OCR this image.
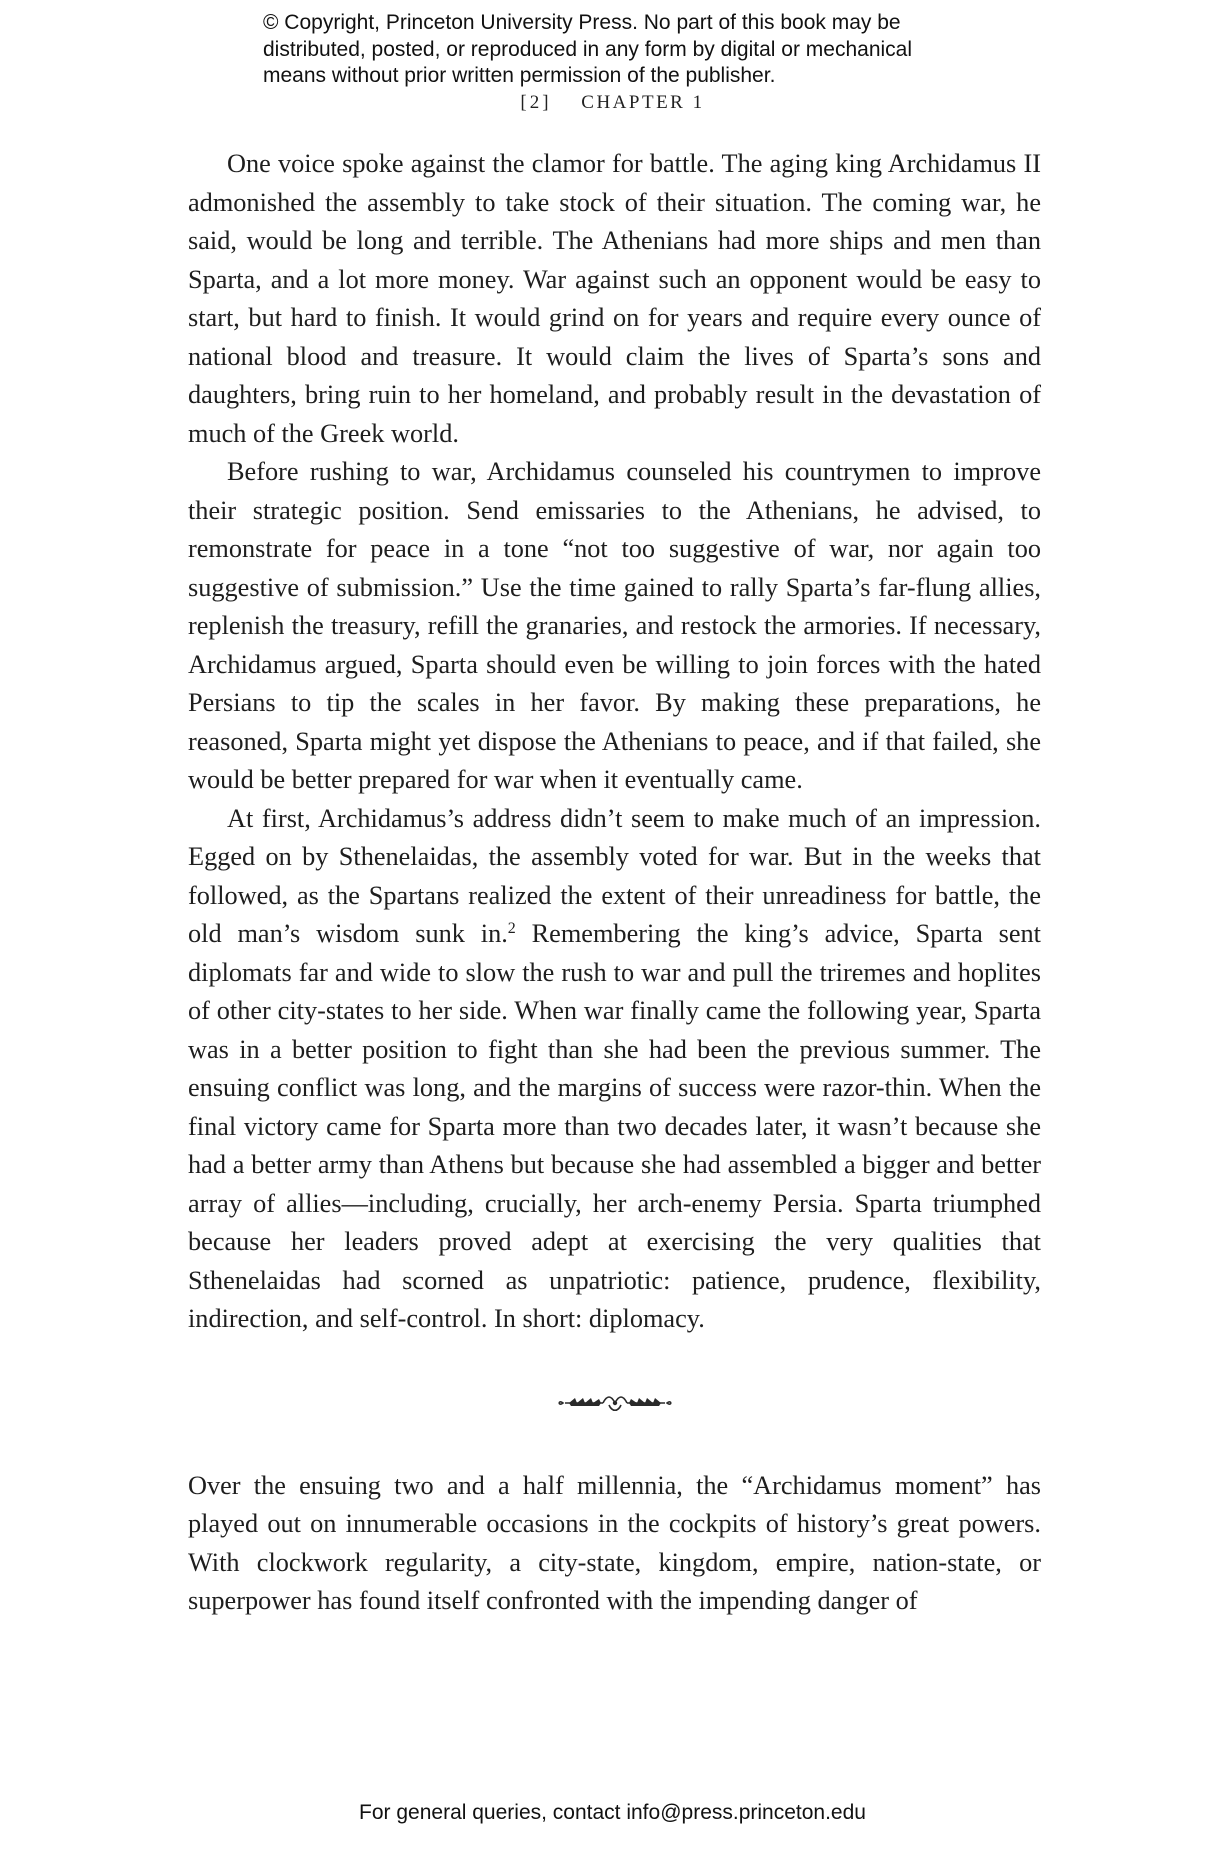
© Copyright, Princeton University Press. No part of this book may be
distributed, posted, or reproduced in any form by digital or mechanical
means without prior written permission of the publisher.
[2] CHAPTER 1

One voice spoke against the clamor for battle. The aging king Archidamus II admonished the assembly to take stock of their situation. The coming war, he said, would be long and terrible. The Athenians had more ships and men than Sparta, and a lot more money. War against such an opponent would be easy to start, but hard to finish. It would grind on for years and require every ounce of national blood and treasure. It would claim the lives of Sparta’s sons and daughters, bring ruin to her homeland, and probably result in the devastation of much of the Greek world.

Before rushing to war, Archidamus counseled his countrymen to improve their strategic position. Send emissaries to the Athenians, he advised, to remonstrate for peace in a tone “not too suggestive of war, nor again too suggestive of submission.” Use the time gained to rally Sparta’s far-flung allies, replenish the treasury, refill the granaries, and restock the armories. If necessary, Archidamus argued, Sparta should even be willing to join forces with the hated Persians to tip the scales in her favor. By making these preparations, he reasoned, Sparta might yet dispose the Athenians to peace, and if that failed, she would be better prepared for war when it eventually came.

At first, Archidamus’s address didn’t seem to make much of an impression. Egged on by Sthenelaidas, the assembly voted for war. But in the weeks that followed, as the Spartans realized the extent of their unreadiness for battle, the old man’s wisdom sunk in.$^2$ Remembering the king’s advice, Sparta sent diplomats far and wide to slow the rush to war and pull the triremes and hoplites of other city-states to her side. When war finally came the following year, Sparta was in a better position to fight than she had been the previous summer. The ensuing conflict was long, and the margins of success were razor-thin. When the final victory came for Sparta more than two decades later, it wasn’t because she had a better army than Athens but because she had assembled a bigger and better array of allies—including, crucially, her arch-enemy Persia. Sparta triumphed because her leaders proved adept at exercising the very qualities that Sthenelaidas had scorned as unpatriotic: patience, prudence, flexibility, indirection, and self-control. In short: diplomacy.

Over the ensuing two and a half millennia, the “Archidamus moment” has played out on innumerable occasions in the cockpits of history’s great powers. With clockwork regularity, a city-state, kingdom, empire, nation-state, or superpower has found itself confronted with the impending danger of

For general queries, contact info@press.princeton.edu
